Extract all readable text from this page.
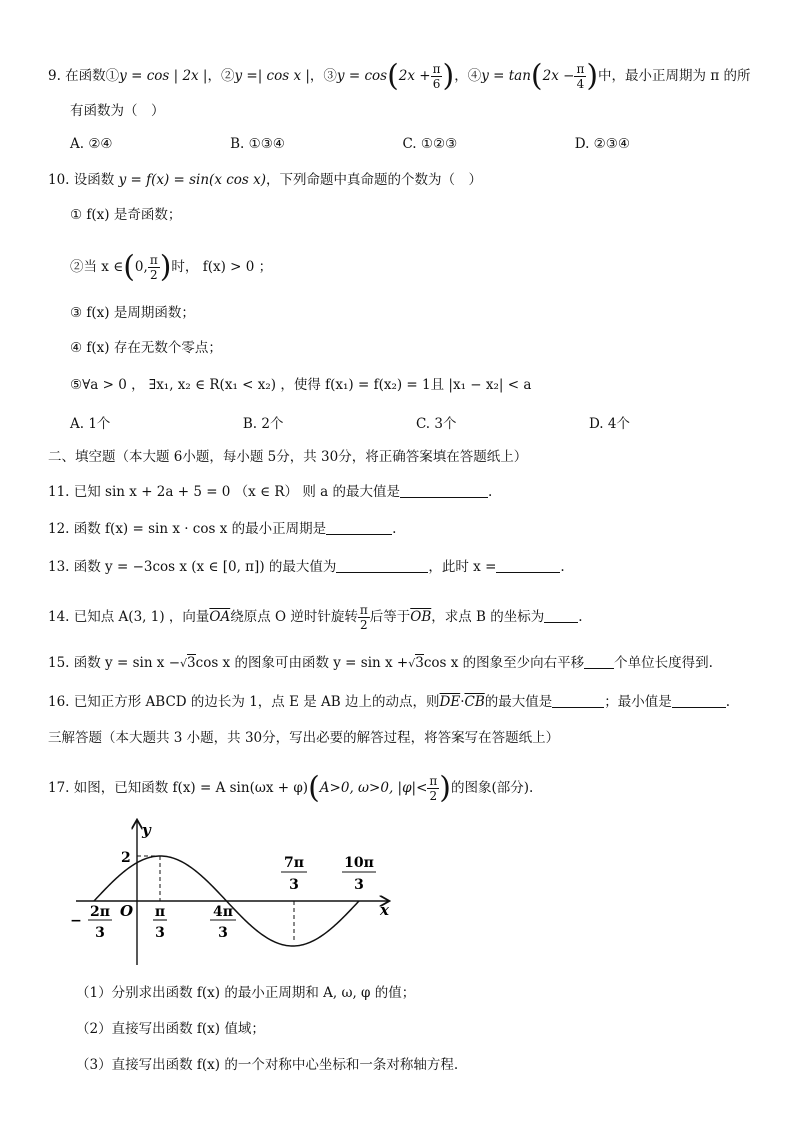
9. 在函数①y = cos | 2x |，②y =| cos x |，③y = $\cos(2x + \frac{\pi}{6}$ )，④y = $\tan(2x - \frac{\pi}{4}$ )中，最小正周期为 π 的所
有函数为（　）
A. ②④	B. ①③④	C. ①②③	D. ②③④
10. 设函数 y = f(x) = sin(x cos x)，下列命题中真命题的个数为（　）
① f(x) 是奇函数；
②当 x ∈(0, $\frac{\pi}{2}$ )时， f(x) > 0 ；
③ f(x) 是周期函数；
④ f(x) 存在无数个零点；
⑤∀a > 0 ， ∃x₁, x₂ ∈ R(x₁ < x₂) ，使得 f(x₁) = f(x₂) = 1且 |x₁ − x₂| < a
A. 1个	B. 2个	C. 3个	D. 4个
二、填空题（本大题 6小题，每小题 5分，共 30分，将正确答案填在答题纸上）
11. 已知 sin x + 2a + 5 = 0 （x ∈ R） 则 a 的最大值是	.
12. 函数 f(x) = sin x · cos x 的最小正周期是	.
13. 函数 y = −3cos x (x ∈ [0, π]) 的最大值为	，此时 x =	.
14. 已知点 A(3, 1) ，向量$\overline{OA}$绕原点 O 逆时针旋转 $\frac{\pi}{2}$ 后等于$\overline{OB}$，求点 B 的坐标为	.
15. 函数 y = sin x −√3cos x 的图象可由函数 y = sin x +√3cos x 的图象至少向右平移 个单位长度得到.
16. 已知正方形 ABCD 的边长为 1，点 E 是 AB 边上的动点，则$\overline{DE}\cdot\overline{CB}$的最大值是	；最小值是	.
三解答题（本大题共 3 小题，共 30分，写出必要的解答过程，将答案写在答题纸上）
17. 如图，已知函数 f(x) = A sin(ωx + φ)(A>0, ω>0, $|\varphi|< \frac{\pi}{2}$ )的图象(部分).
y
x
O
2
−
2π
3
π
3
4π
3
7π
3
10π
3
（1）分别求出函数 f(x) 的最小正周期和 A, ω, φ 的值；
（2）直接写出函数 f(x) 值域；
（3）直接写出函数 f(x) 的一个对称中心坐标和一条对称轴方程.
